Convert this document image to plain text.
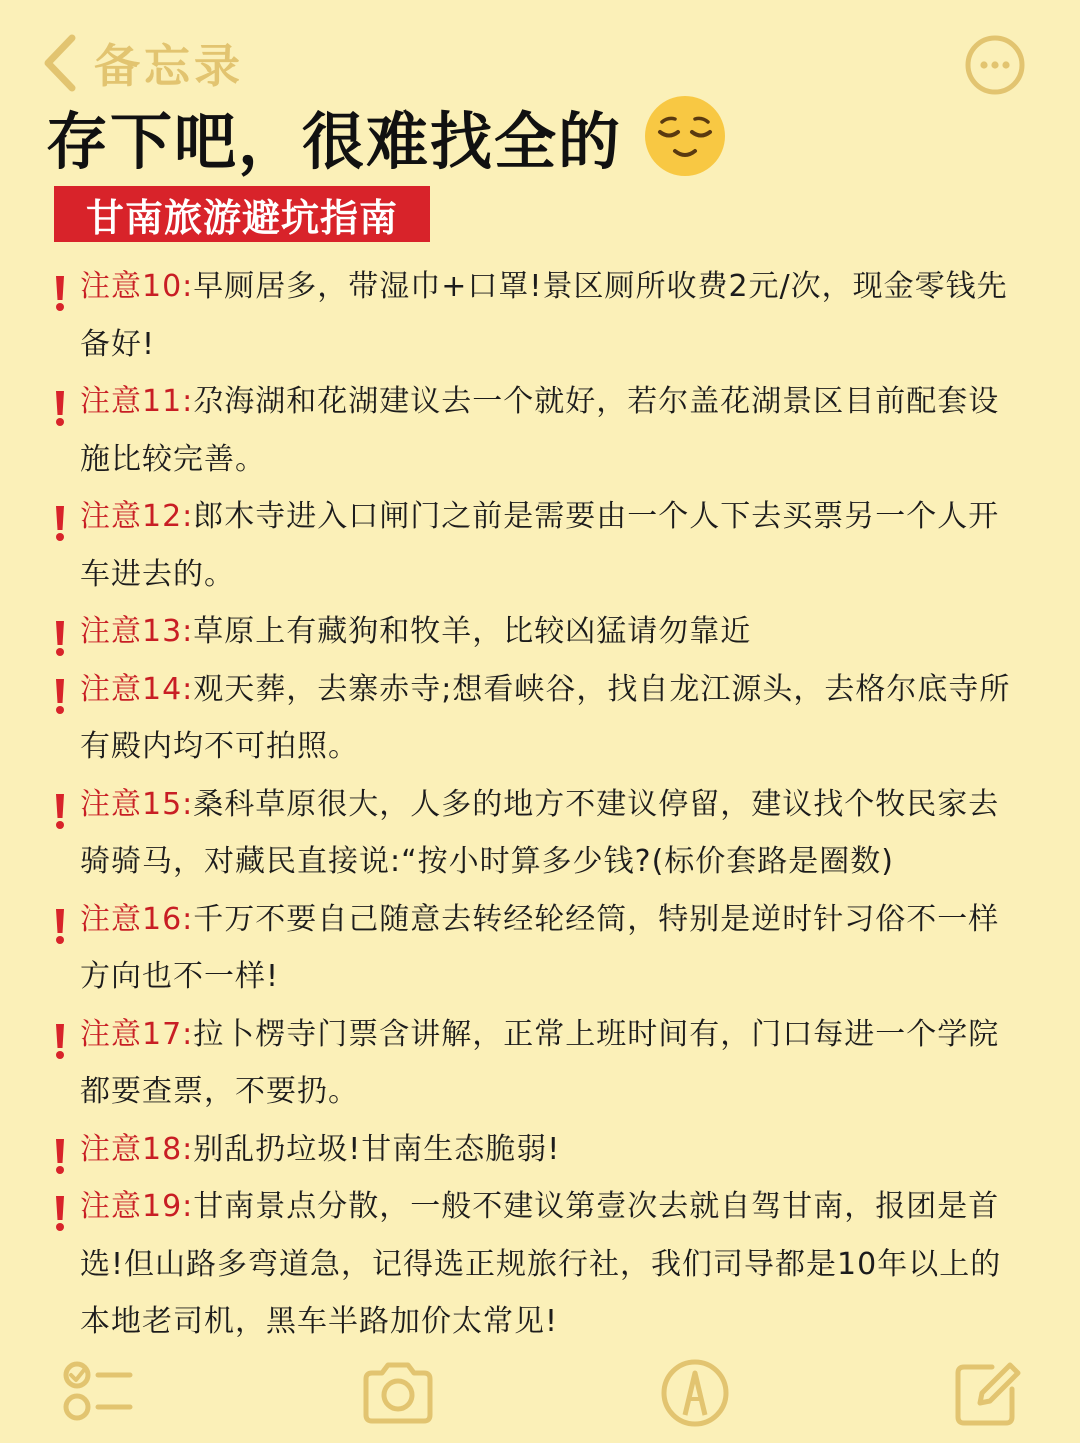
备忘录
存下吧，很难找全的
甘南旅游避坑指南
注意10:早厕居多，带湿巾+口罩!景区厕所收费2元/次，现金零钱先备好!
注意11:尕海湖和花湖建议去一个就好，若尔盖花湖景区目前配套设施比较完善。
注意12:郎木寺进入口闸门之前是需要由一个人下去买票另一个人开车进去的。
注意13:草原上有藏狗和牧羊，比较凶猛请勿靠近
注意14:观天葬，去寨赤寺;想看峡谷，找自龙江源头，去格尔底寺所有殿内均不可拍照。
注意15:桑科草原很大，人多的地方不建议停留，建议找个牧民家去骑骑马，对藏民直接说:“按小时算多少钱?(标价套路是圈数)
注意16:千万不要自己随意去转经轮经筒，特别是逆时针习俗不一样方向也不一样!
注意17:拉卜楞寺门票含讲解，正常上班时间有，门口每进一个学院都要查票，不要扔。
注意18:别乱扔垃圾!甘南生态脆弱!
注意19:甘南景点分散，一般不建议第壹次去就自驾甘南，报团是首选!但山路多弯道急，记得选正规旅行社，我们司导都是10年以上的本地老司机，黑车半路加价太常见!
